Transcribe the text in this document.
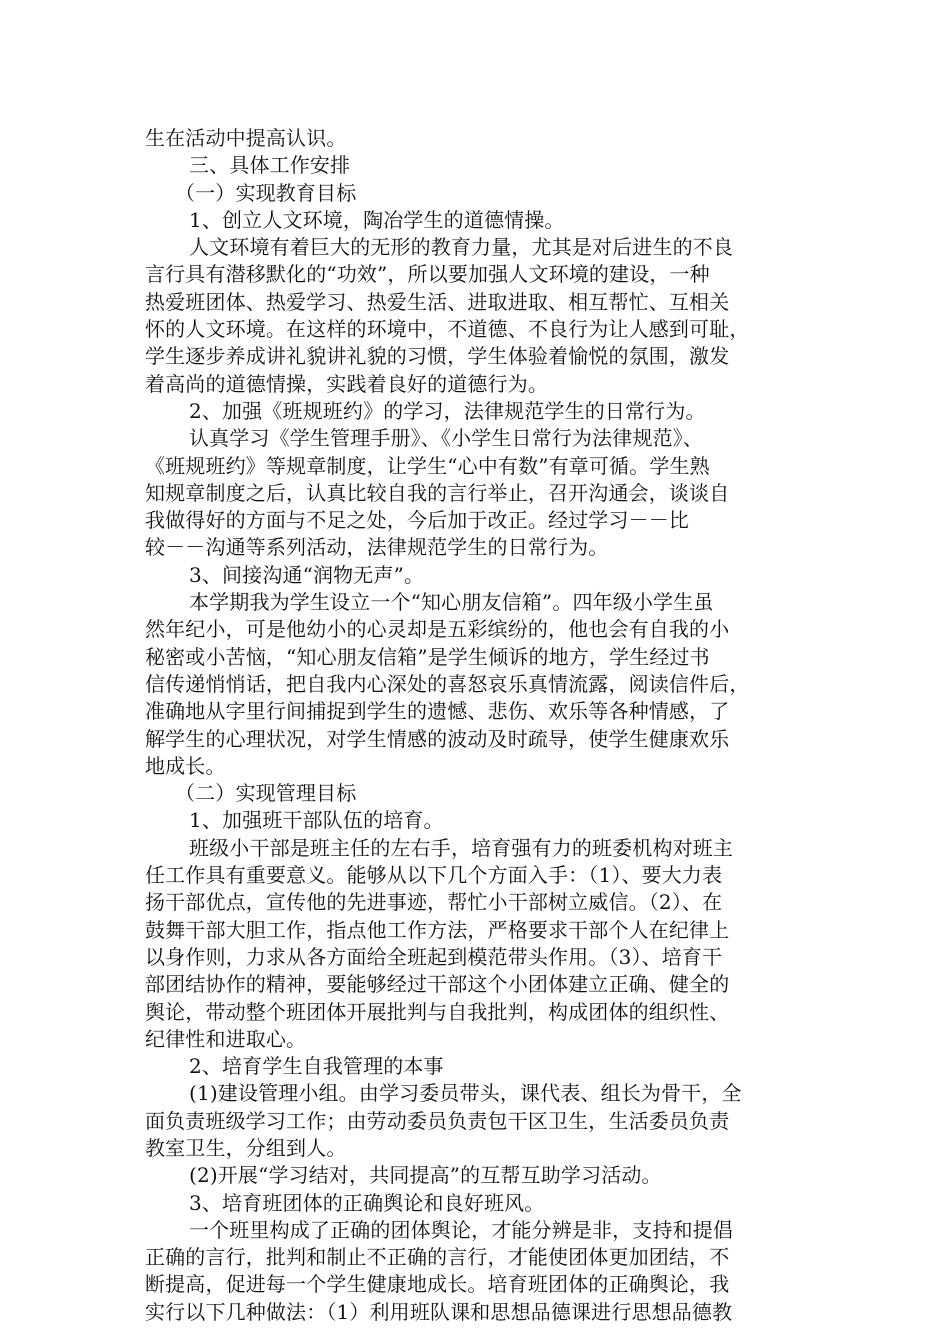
生在活动中提高认识。
三、具体工作安排
（一）实现教育目标
1、创立人文环境，陶冶学生的道德情操。
人文环境有着巨大的无形的教育力量，尤其是对后进生的不良
言行具有潜移默化的“功效”，所以要加强人文环境的建设，一种
热爱班团体、热爱学习、热爱生活、进取进取、相互帮忙、互相关
怀的人文环境。在这样的环境中，不道德、不良行为让人感到可耻，
学生逐步养成讲礼貌讲礼貌的习惯，学生体验着愉悦的氛围，激发
着高尚的道德情操，实践着良好的道德行为。
2、加强《班规班约》的学习，法律规范学生的日常行为。
认真学习《学生管理手册》、《小学生日常行为法律规范》、
《班规班约》等规章制度，让学生“心中有数”有章可循。学生熟
知规章制度之后，认真比较自我的言行举止，召开沟通会，谈谈自
我做得好的方面与不足之处，今后加于改正。经过学习－－比
较－－沟通等系列活动，法律规范学生的日常行为。
3、间接沟通“润物无声”。
本学期我为学生设立一个“知心朋友信箱”。四年级小学生虽
然年纪小，可是他幼小的心灵却是五彩缤纷的，他也会有自我的小
秘密或小苦恼，“知心朋友信箱”是学生倾诉的地方，学生经过书
信传递悄悄话，把自我内心深处的喜怒哀乐真情流露，阅读信件后，
准确地从字里行间捕捉到学生的遗憾、悲伤、欢乐等各种情感，了
解学生的心理状况，对学生情感的波动及时疏导，使学生健康欢乐
地成长。
（二）实现管理目标
1、加强班干部队伍的培育。
班级小干部是班主任的左右手，培育强有力的班委机构对班主
任工作具有重要意义。能够从以下几个方面入手：（1）、要大力表
扬干部优点，宣传他的先进事迹，帮忙小干部树立威信。（2）、在
鼓舞干部大胆工作，指点他工作方法，严格要求干部个人在纪律上
以身作则，力求从各方面给全班起到模范带头作用。（3）、培育干
部团结协作的精神，要能够经过干部这个小团体建立正确、健全的
舆论，带动整个班团体开展批判与自我批判，构成团体的组织性、
纪律性和进取心。
2、培育学生自我管理的本事
(1)建设管理小组。由学习委员带头，课代表、组长为骨干，全
面负责班级学习工作；由劳动委员负责包干区卫生，生活委员负责
教室卫生，分组到人。
(2)开展“学习结对，共同提高”的互帮互助学习活动。
3、培育班团体的正确舆论和良好班风。
一个班里构成了正确的团体舆论，才能分辨是非，支持和提倡
正确的言行，批判和制止不正确的言行，才能使团体更加团结，不
断提高，促进每一个学生健康地成长。培育班团体的正确舆论，我
实行以下几种做法：（1）利用班队课和思想品德课进行思想品德教
